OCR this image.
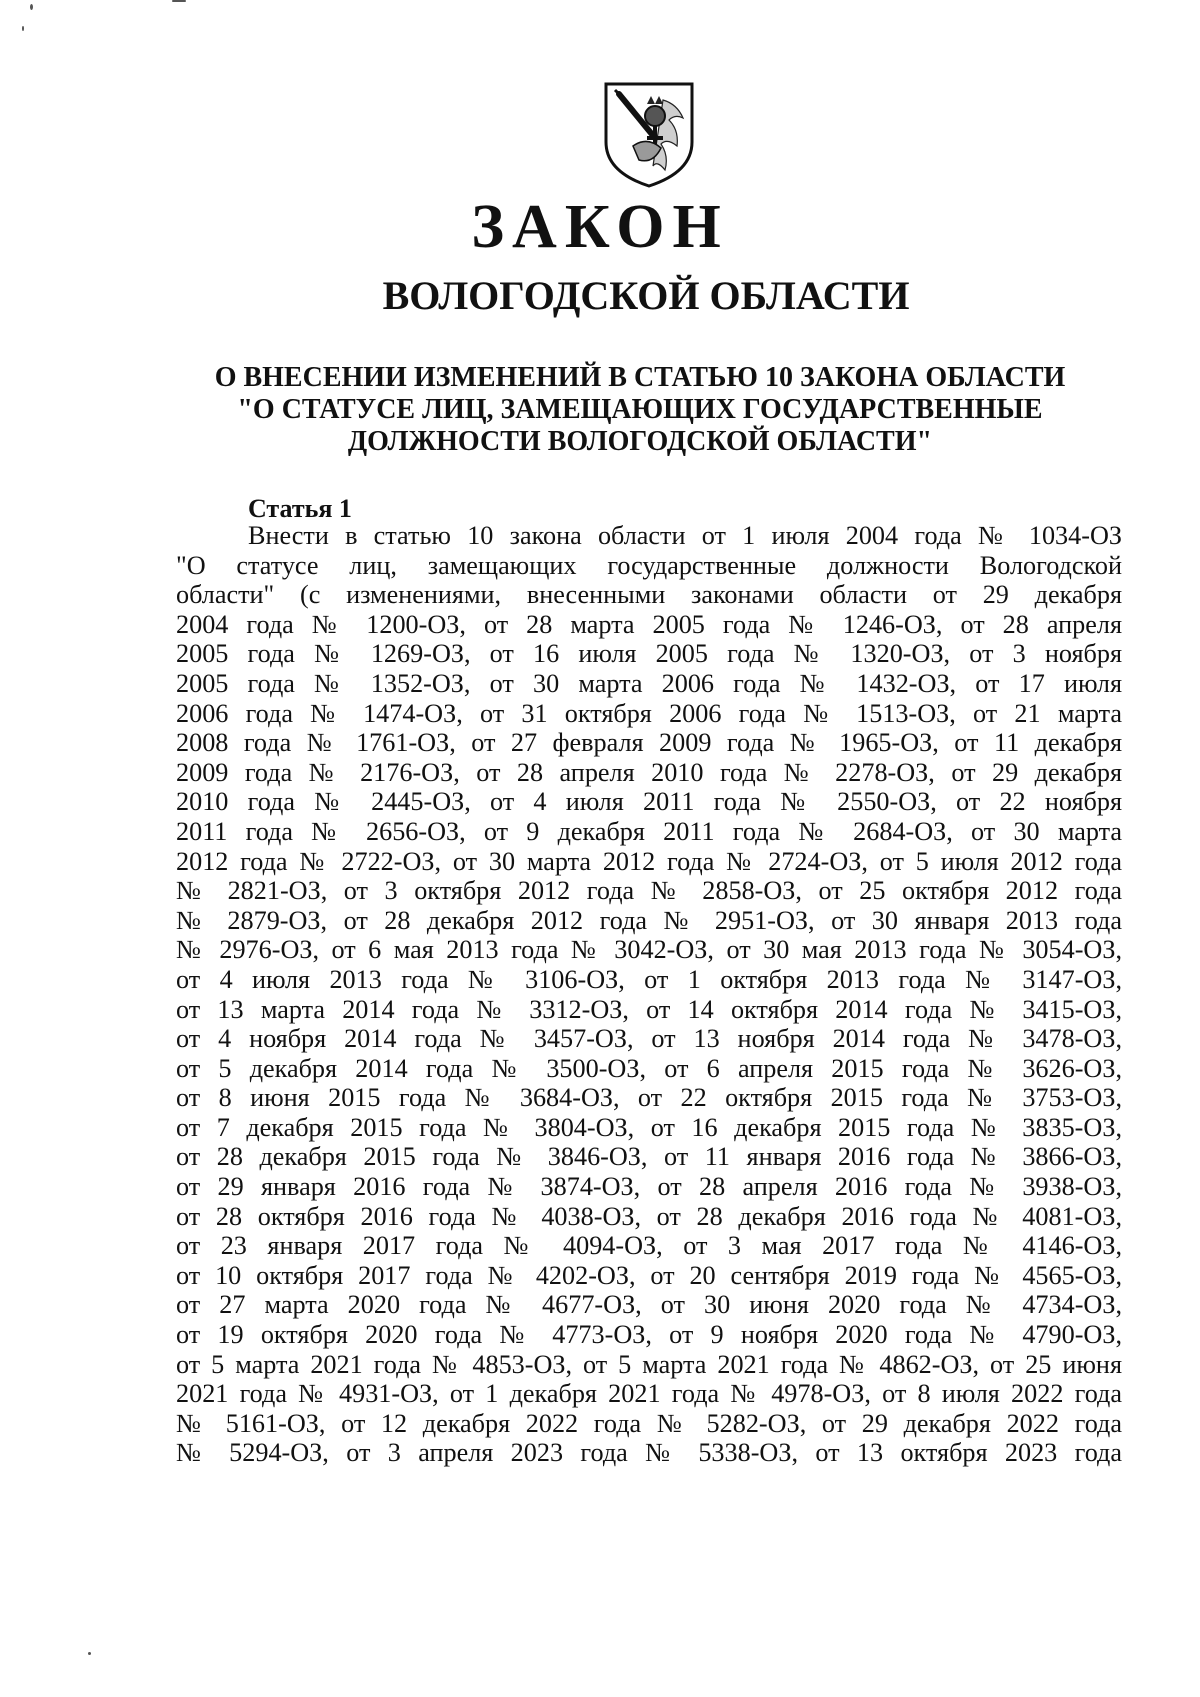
ЗАКОН
ВОЛОГОДСКОЙ ОБЛАСТИ
О ВНЕСЕНИИ ИЗМЕНЕНИЙ В СТАТЬЮ 10 ЗАКОНА ОБЛАСТИ
"О СТАТУСЕ ЛИЦ, ЗАМЕЩАЮЩИХ ГОСУДАРСТВЕННЫЕ
ДОЛЖНОСТИ ВОЛОГОДСКОЙ ОБЛАСТИ"
Статья 1
Внести в статью 10 закона области от 1 июля 2004 года № 1034-ОЗ
"О статусе лиц, замещающих государственные должности Вологодской
области" (с изменениями, внесенными законами области от 29 декабря
2004 года № 1200-ОЗ, от 28 марта 2005 года № 1246-ОЗ, от 28 апреля
2005 года № 1269-ОЗ, от 16 июля 2005 года № 1320-ОЗ, от 3 ноября
2005 года № 1352-ОЗ, от 30 марта 2006 года № 1432-ОЗ, от 17 июля
2006 года № 1474-ОЗ, от 31 октября 2006 года № 1513-ОЗ, от 21 марта
2008 года № 1761-ОЗ, от 27 февраля 2009 года № 1965-ОЗ, от 11 декабря
2009 года № 2176-ОЗ, от 28 апреля 2010 года № 2278-ОЗ, от 29 декабря
2010 года № 2445-ОЗ, от 4 июля 2011 года № 2550-ОЗ, от 22 ноября
2011 года № 2656-ОЗ, от 9 декабря 2011 года № 2684-ОЗ, от 30 марта
2012 года № 2722-ОЗ, от 30 марта 2012 года № 2724-ОЗ, от 5 июля 2012 года
№ 2821-ОЗ, от 3 октября 2012 года № 2858-ОЗ, от 25 октября 2012 года
№ 2879-ОЗ, от 28 декабря 2012 года № 2951-ОЗ, от 30 января 2013 года
№ 2976-ОЗ, от 6 мая 2013 года № 3042-ОЗ, от 30 мая 2013 года № 3054-ОЗ,
от 4 июля 2013 года № 3106-ОЗ, от 1 октября 2013 года № 3147-ОЗ,
от 13 марта 2014 года № 3312-ОЗ, от 14 октября 2014 года № 3415-ОЗ,
от 4 ноября 2014 года № 3457-ОЗ, от 13 ноября 2014 года № 3478-ОЗ,
от 5 декабря 2014 года № 3500-ОЗ, от 6 апреля 2015 года № 3626-ОЗ,
от 8 июня 2015 года № 3684-ОЗ, от 22 октября 2015 года № 3753-ОЗ,
от 7 декабря 2015 года № 3804-ОЗ, от 16 декабря 2015 года № 3835-ОЗ,
от 28 декабря 2015 года № 3846-ОЗ, от 11 января 2016 года № 3866-ОЗ,
от 29 января 2016 года № 3874-ОЗ, от 28 апреля 2016 года № 3938-ОЗ,
от 28 октября 2016 года № 4038-ОЗ, от 28 декабря 2016 года № 4081-ОЗ,
от 23 января 2017 года № 4094-ОЗ, от 3 мая 2017 года № 4146-ОЗ,
от 10 октября 2017 года № 4202-ОЗ, от 20 сентября 2019 года № 4565-ОЗ,
от 27 марта 2020 года № 4677-ОЗ, от 30 июня 2020 года № 4734-ОЗ,
от 19 октября 2020 года № 4773-ОЗ, от 9 ноября 2020 года № 4790-ОЗ,
от 5 марта 2021 года № 4853-ОЗ, от 5 марта 2021 года № 4862-ОЗ, от 25 июня
2021 года № 4931-ОЗ, от 1 декабря 2021 года № 4978-ОЗ, от 8 июля 2022 года
№ 5161-ОЗ, от 12 декабря 2022 года № 5282-ОЗ, от 29 декабря 2022 года
№ 5294-ОЗ, от 3 апреля 2023 года № 5338-ОЗ, от 13 октября 2023 года
